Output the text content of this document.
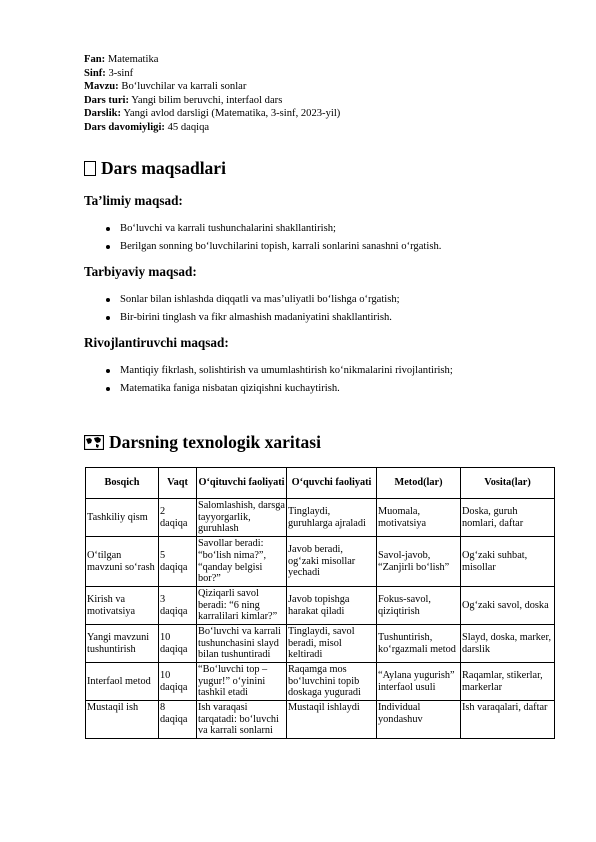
Fan: Matematika
Sinf: 3-sinf
Mavzu: Bo‘luvchilar va karrali sonlar
Dars turi: Yangi bilim beruvchi, interfaol dars
Darslik: Yangi avlod darsligi (Matematika, 3-sinf, 2023-yil)
Dars davomiyligi: 45 daqiqa
Dars maqsadlari
Ta’limiy maqsad:
Bo‘luvchi va karrali tushunchalarini shakllantirish;
Berilgan sonning bo‘luvchilarini topish, karrali sonlarini sanashni o‘rgatish.
Tarbiyaviy maqsad:
Sonlar bilan ishlashda diqqatli va mas’uliyatli bo‘lishga o‘rgatish;
Bir-birini tinglash va fikr almashish madaniyatini shakllantirish.
Rivojlantiruvchi maqsad:
Mantiqiy fikrlash, solishtirish va umumlashtirish ko‘nikmalarini rivojlantirish;
Matematika faniga nisbatan qiziqishni kuchaytirish.
Darsning texnologik xaritasi
Bosqich	Vaqt	O‘qituvchi faoliyati	O‘quvchi faoliyati	Metod(lar)	Vosita(lar)
Tashkiliy qism	2 daqiqa	Salomlashish, darsga tayyorgarlik, guruhlash	Tinglaydi, guruhlarga ajraladi	Muomala, motivatsiya	Doska, guruh nomlari, daftar
O‘tilgan mavzuni so‘rash	5 daqiqa	Savollar beradi: “bo‘lish nima?”, “qanday belgisi bor?”	Javob beradi, og‘zaki misollar yechadi	Savol-javob, “Zanjirli bo‘lish”	Og‘zaki suhbat, misollar
Kirish va motivatsiya	3 daqiqa	Qiziqarli savol beradi: “6 ning karralilari kimlar?”	Javob topishga harakat qiladi	Fokus-savol, qiziqtirish	Og‘zaki savol, doska
Yangi mavzuni tushuntirish	10 daqiqa	Bo‘luvchi va karrali tushunchasini slayd bilan tushuntiradi	Tinglaydi, savol beradi, misol keltiradi	Tushuntirish, ko‘rgazmali metod	Slayd, doska, marker, darslik
Interfaol metod	10 daqiqa	“Bo‘luvchi top – yugur!” o‘yinini tashkil etadi	Raqamga mos bo‘luvchini topib doskaga yuguradi	“Aylana yugurish” interfaol usuli	Raqamlar, stikerlar, markerlar
Mustaqil ish	8 daqiqa	Ish varaqasi tarqatadi: bo‘luvchi va karrali sonlarni	Mustaqil ishlaydi	Individual yondashuv	Ish varaqalari, daftar
